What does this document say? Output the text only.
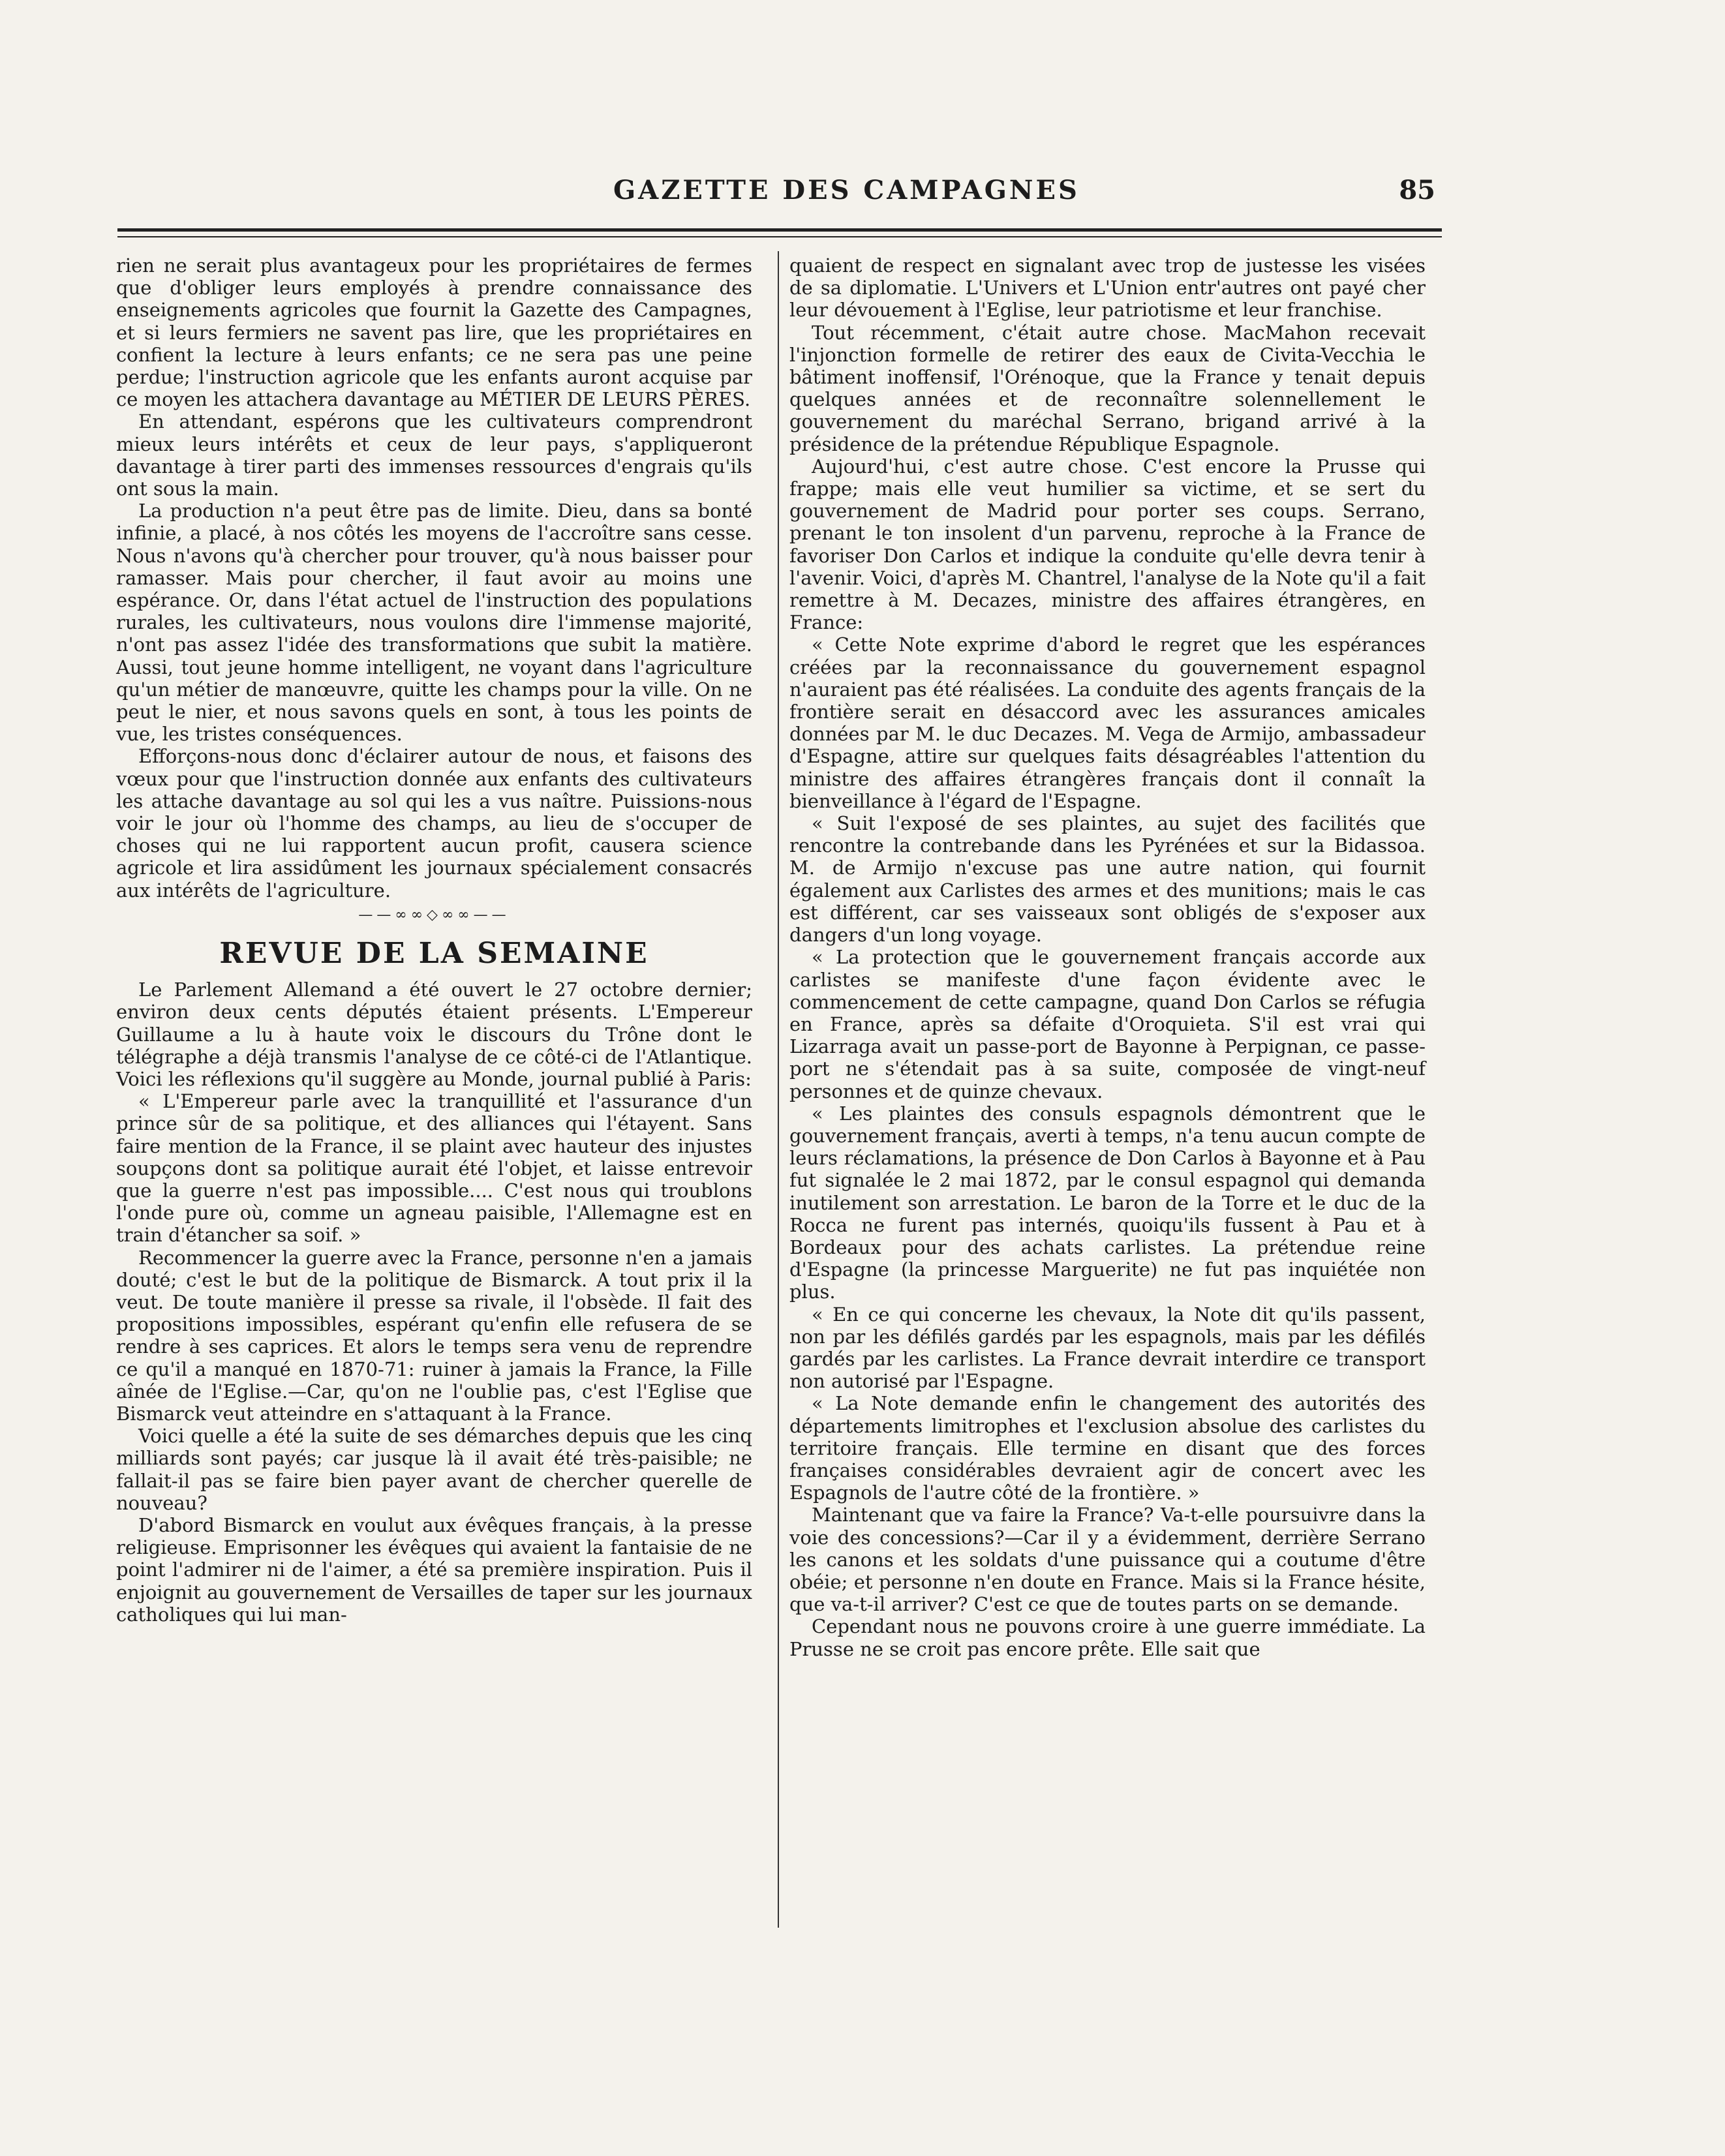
GAZETTE DES CAMPAGNES	85

rien ne serait plus avantageux pour les propriétaires de fermes que d'obliger leurs employés à prendre connaissance des enseignements agricoles que fournit la Gazette des Campagnes, et si leurs fermiers ne savent pas lire, que les propriétaires en confient la lecture à leurs enfants; ce ne sera pas une peine perdue; l'instruction agricole que les enfants auront acquise par ce moyen les attachera davantage au MÉTIER DE LEURS PÈRES.

En attendant, espérons que les cultivateurs comprendront mieux leurs intérêts et ceux de leur pays, s'appliqueront davantage à tirer parti des immenses ressources d'engrais qu'ils ont sous la main.

La production n'a peut être pas de limite. Dieu, dans sa bonté infinie, a placé, à nos côtés les moyens de l'accroître sans cesse. Nous n'avons qu'à chercher pour trouver, qu'à nous baisser pour ramasser. Mais pour chercher, il faut avoir au moins une espérance. Or, dans l'état actuel de l'instruction des populations rurales, les cultivateurs, nous voulons dire l'immense majorité, n'ont pas assez l'idée des transformations que subit la matière. Aussi, tout jeune homme intelligent, ne voyant dans l'agriculture qu'un métier de manœuvre, quitte les champs pour la ville. On ne peut le nier, et nous savons quels en sont, à tous les points de vue, les tristes conséquences.

Efforçons-nous donc d'éclairer autour de nous, et faisons des vœux pour que l'instruction donnée aux enfants des cultivateurs les attache davantage au sol qui les a vus naître. Puissions-nous voir le jour où l'homme des champs, au lieu de s'occuper de choses qui ne lui rapportent aucun profit, causera science agricole et lira assidûment les journaux spécialement consacrés aux intérêts de l'agriculture.

——∞∞◇∞∞——
REVUE DE LA SEMAINE

Le Parlement Allemand a été ouvert le 27 octobre dernier; environ deux cents députés étaient présents. L'Empereur Guillaume a lu à haute voix le discours du Trône dont le télégraphe a déjà transmis l'analyse de ce côté-ci de l'Atlantique. Voici les réflexions qu'il suggère au Monde, journal publié à Paris:

« L'Empereur parle avec la tranquillité et l'assurance d'un prince sûr de sa politique, et des alliances qui l'étayent. Sans faire mention de la France, il se plaint avec hauteur des injustes soupçons dont sa politique aurait été l'objet, et laisse entrevoir que la guerre n'est pas impossible.... C'est nous qui troublons l'onde pure où, comme un agneau paisible, l'Allemagne est en train d'étancher sa soif. »

Recommencer la guerre avec la France, personne n'en a jamais douté; c'est le but de la politique de Bismarck. A tout prix il la veut. De toute manière il presse sa rivale, il l'obsède. Il fait des propositions impossibles, espérant qu'enfin elle refusera de se rendre à ses caprices. Et alors le temps sera venu de reprendre ce qu'il a manqué en 1870-71: ruiner à jamais la France, la Fille aînée de l'Eglise.—Car, qu'on ne l'oublie pas, c'est l'Eglise que Bismarck veut atteindre en s'attaquant à la France.

Voici quelle a été la suite de ses démarches depuis que les cinq milliards sont payés; car jusque là il avait été très-paisible; ne fallait-il pas se faire bien payer avant de chercher querelle de nouveau?

D'abord Bismarck en voulut aux évêques français, à la presse religieuse. Emprisonner les évêques qui avaient la fantaisie de ne point l'admirer ni de l'aimer, a été sa première inspiration. Puis il enjoignit au gouvernement de Versailles de taper sur les journaux catholiques qui lui man-

quaient de respect en signalant avec trop de justesse les visées de sa diplomatie. L'Univers et L'Union entr'autres ont payé cher leur dévouement à l'Eglise, leur patriotisme et leur franchise.

Tout récemment, c'était autre chose. MacMahon recevait l'injonction formelle de retirer des eaux de Civita-Vecchia le bâtiment inoffensif, l'Orénoque, que la France y tenait depuis quelques années et de reconnaître solennellement le gouvernement du maréchal Serrano, brigand arrivé à la présidence de la prétendue République Espagnole.

Aujourd'hui, c'est autre chose. C'est encore la Prusse qui frappe; mais elle veut humilier sa victime, et se sert du gouvernement de Madrid pour porter ses coups. Serrano, prenant le ton insolent d'un parvenu, reproche à la France de favoriser Don Carlos et indique la conduite qu'elle devra tenir à l'avenir. Voici, d'après M. Chantrel, l'analyse de la Note qu'il a fait remettre à M. Decazes, ministre des affaires étrangères, en France:

« Cette Note exprime d'abord le regret que les espérances créées par la reconnaissance du gouvernement espagnol n'auraient pas été réalisées. La conduite des agents français de la frontière serait en désaccord avec les assurances amicales données par M. le duc Decazes. M. Vega de Armijo, ambassadeur d'Espagne, attire sur quelques faits désagréables l'attention du ministre des affaires étrangères français dont il connaît la bienveillance à l'égard de l'Espagne.

« Suit l'exposé de ses plaintes, au sujet des facilités que rencontre la contrebande dans les Pyrénées et sur la Bidassoa. M. de Armijo n'excuse pas une autre nation, qui fournit également aux Carlistes des armes et des munitions; mais le cas est différent, car ses vaisseaux sont obligés de s'exposer aux dangers d'un long voyage.

« La protection que le gouvernement français accorde aux carlistes se manifeste d'une façon évidente avec le commencement de cette campagne, quand Don Carlos se réfugia en France, après sa défaite d'Oroquieta. S'il est vrai qui Lizarraga avait un passe-port de Bayonne à Perpignan, ce passe-port ne s'étendait pas à sa suite, composée de vingt-neuf personnes et de quinze chevaux.

« Les plaintes des consuls espagnols démontrent que le gouvernement français, averti à temps, n'a tenu aucun compte de leurs réclamations, la présence de Don Carlos à Bayonne et à Pau fut signalée le 2 mai 1872, par le consul espagnol qui demanda inutilement son arrestation. Le baron de la Torre et le duc de la Rocca ne furent pas internés, quoiqu'ils fussent à Pau et à Bordeaux pour des achats carlistes. La prétendue reine d'Espagne (la princesse Marguerite) ne fut pas inquiétée non plus.

« En ce qui concerne les chevaux, la Note dit qu'ils passent, non par les défilés gardés par les espagnols, mais par les défilés gardés par les carlistes. La France devrait interdire ce transport non autorisé par l'Espagne.

« La Note demande enfin le changement des autorités des départements limitrophes et l'exclusion absolue des carlistes du territoire français. Elle termine en disant que des forces françaises considérables devraient agir de concert avec les Espagnols de l'autre côté de la frontière. »

Maintenant que va faire la France? Va-t-elle poursuivre dans la voie des concessions?—Car il y a évidemment, derrière Serrano les canons et les soldats d'une puissance qui a coutume d'être obéie; et personne n'en doute en France. Mais si la France hésite, que va-t-il arriver? C'est ce que de toutes parts on se demande.

Cependant nous ne pouvons croire à une guerre immédiate. La Prusse ne se croit pas encore prête. Elle sait que
